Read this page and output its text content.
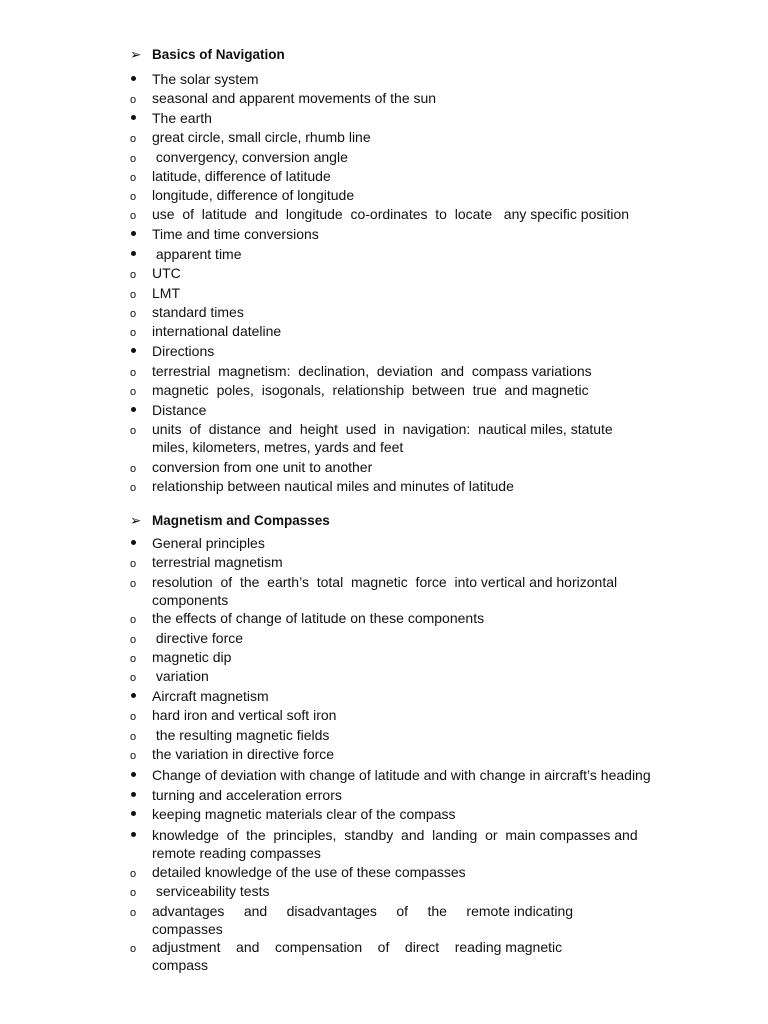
➢ Basics of Navigation
The solar system
o	seasonal and apparent movements of the sun
The earth
o	great circle, small circle, rhumb line
o	convergency, conversion angle
o	latitude, difference of latitude
o	longitude, difference of longitude
o	use  of  latitude  and  longitude  co-ordinates  to  locate   any specific position
Time and time conversions
apparent time
o	UTC
o	LMT
o	standard times
o	international dateline
Directions
o	terrestrial  magnetism:  declination,  deviation  and  compass variations
o	magnetic  poles,  isogonals,  relationship  between  true  and magnetic
Distance
o	units  of  distance  and  height  used  in  navigation:  nautical miles, statute
miles, kilometers, metres, yards and feet
o	conversion from one unit to another
o	relationship between nautical miles and minutes of latitude
➢ Magnetism and Compasses
General principles
o	terrestrial magnetism
o	resolution  of  the  earth’s  total  magnetic  force  into vertical and horizontal
components
o	the effects of change of latitude on these components
o	directive force
o	magnetic dip
o	variation
Aircraft magnetism
o	hard iron and vertical soft iron
o	the resulting magnetic fields
o	the variation in directive force
Change of deviation with change of latitude and with change in aircraft’s heading
turning and acceleration errors
keeping magnetic materials clear of the compass
knowledge  of  the  principles,  standby  and  landing  or  main compasses and
remote reading compasses
o	detailed knowledge of the use of these compasses
o	serviceability tests
o	advantages     and     disadvantages     of     the     remote indicating
compasses
o	adjustment    and    compensation    of    direct    reading magnetic
compass
